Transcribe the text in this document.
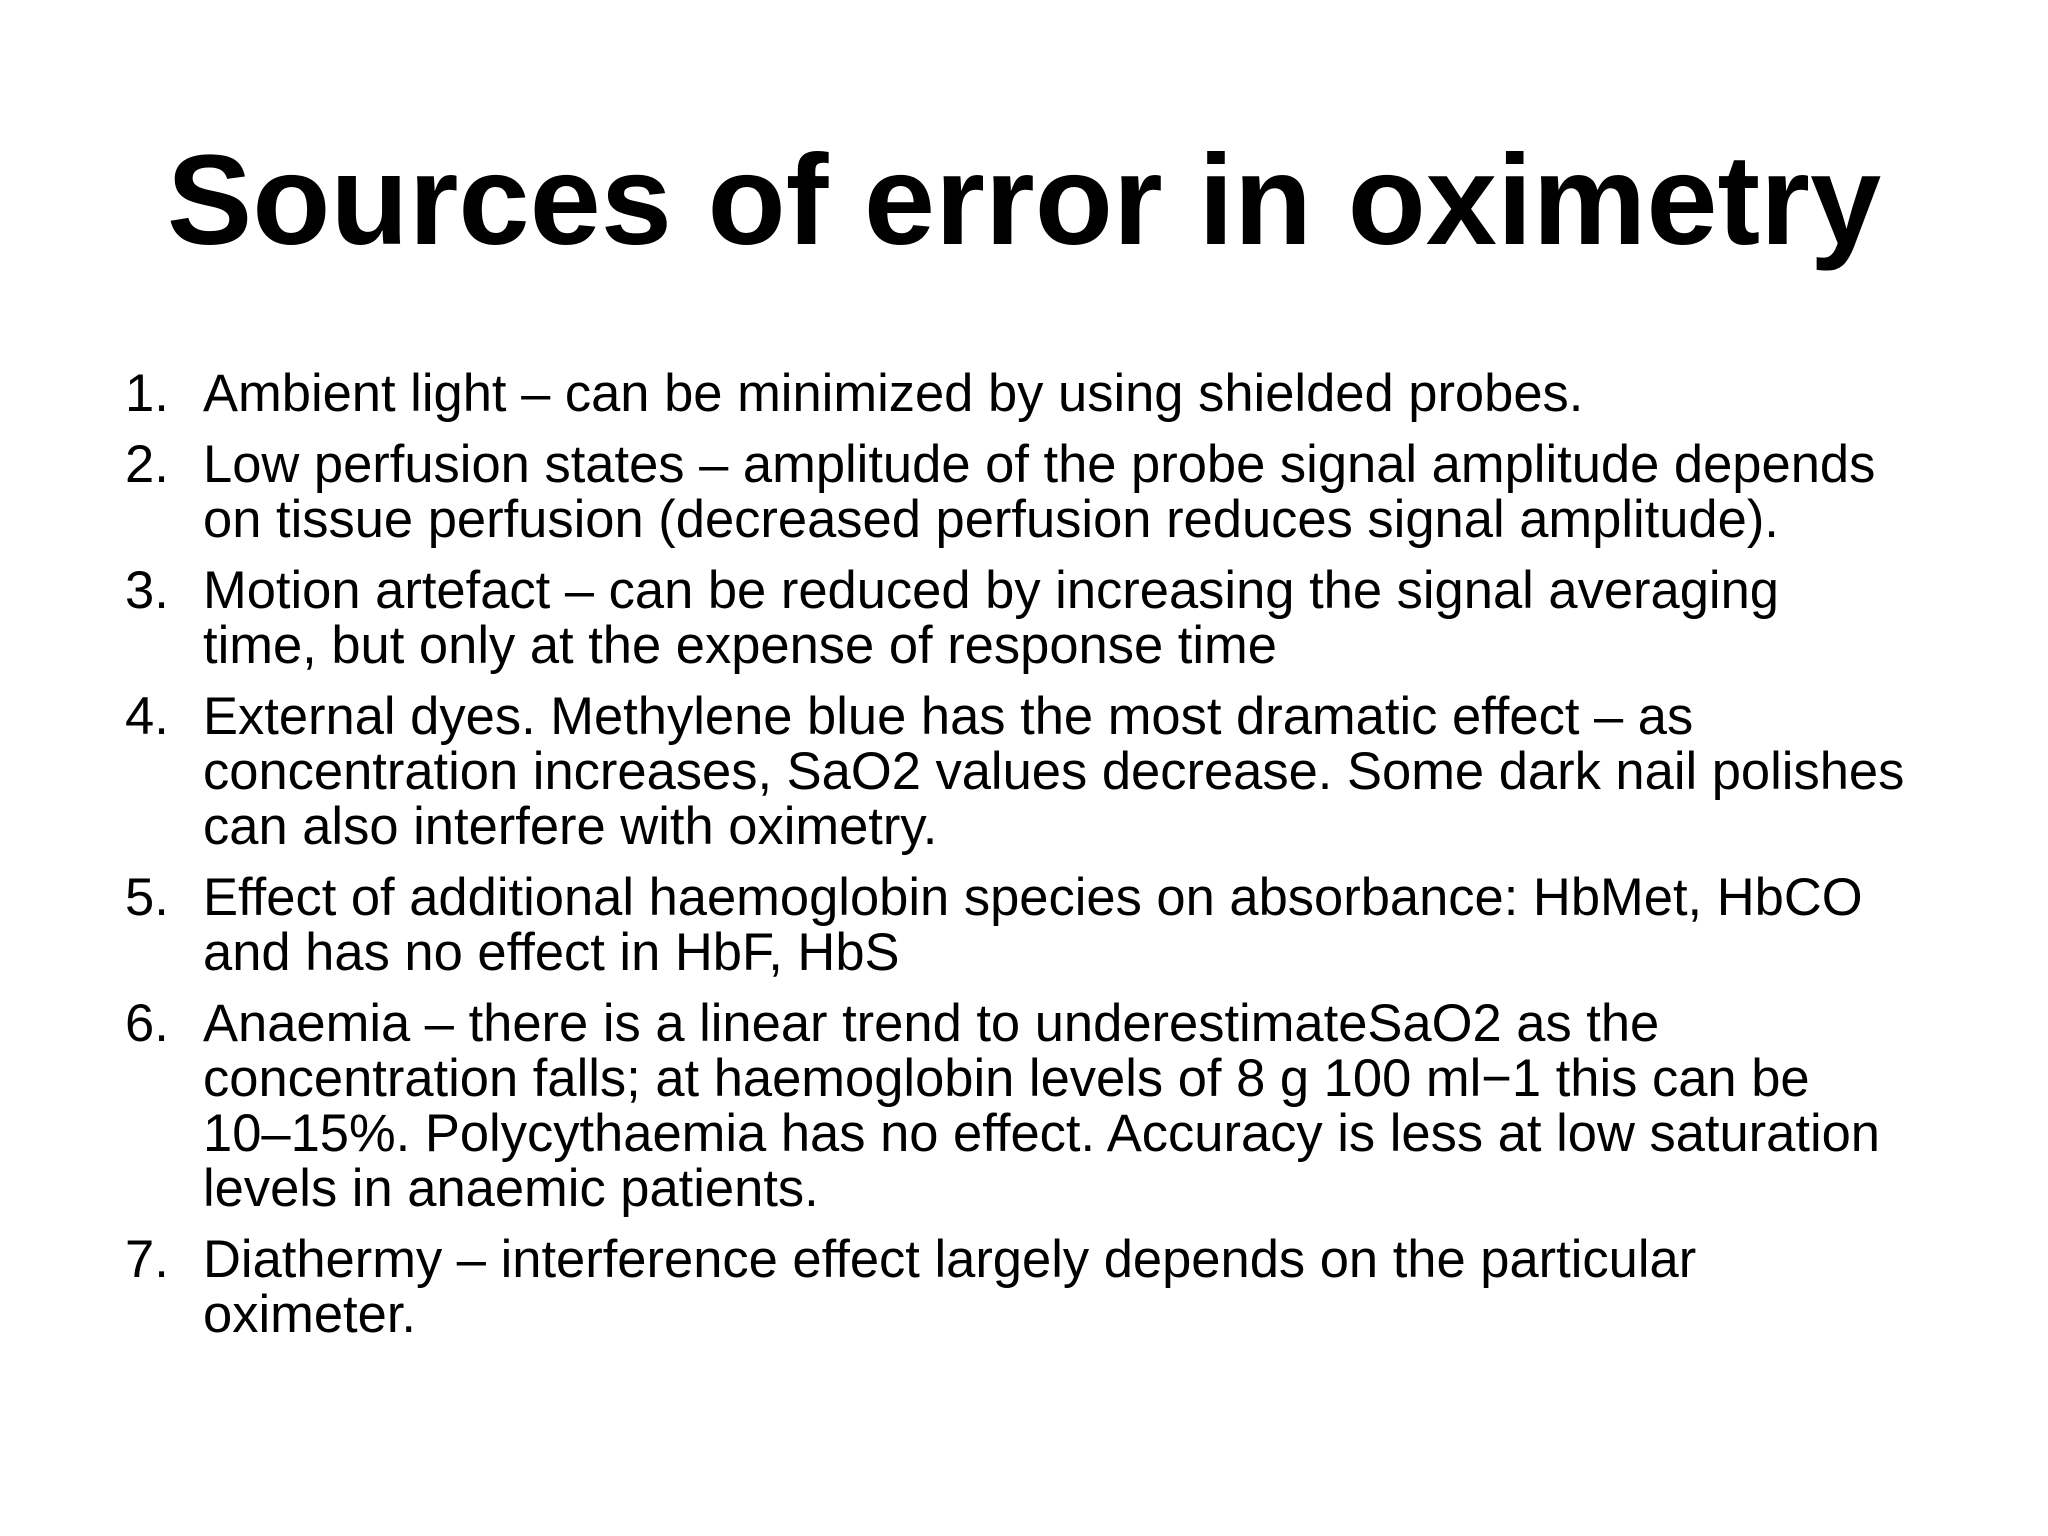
Sources of error in oximetry
1. Ambient light – can be minimized by using shielded probes.
2. Low perfusion states – amplitude of the probe signal amplitude depends on tissue perfusion (decreased perfusion reduces signal amplitude).
3. Motion artefact – can be reduced by increasing the signal averaging time, but only at the expense of response time
4. External dyes. Methylene blue has the most dramatic effect – as concentration increases, SaO2 values decrease. Some dark nail polishes can also interfere with oximetry.
5. Effect of additional haemoglobin species on absorbance: HbMet, HbCO and has no effect in HbF, HbS
6. Anaemia – there is a linear trend to underestimateSaO2 as the concentration falls; at haemoglobin levels of 8 g 100 ml−1 this can be 10–15%. Polycythaemia has no effect. Accuracy is less at low saturation levels in anaemic patients.
7. Diathermy – interference effect largely depends on the particular oximeter.
